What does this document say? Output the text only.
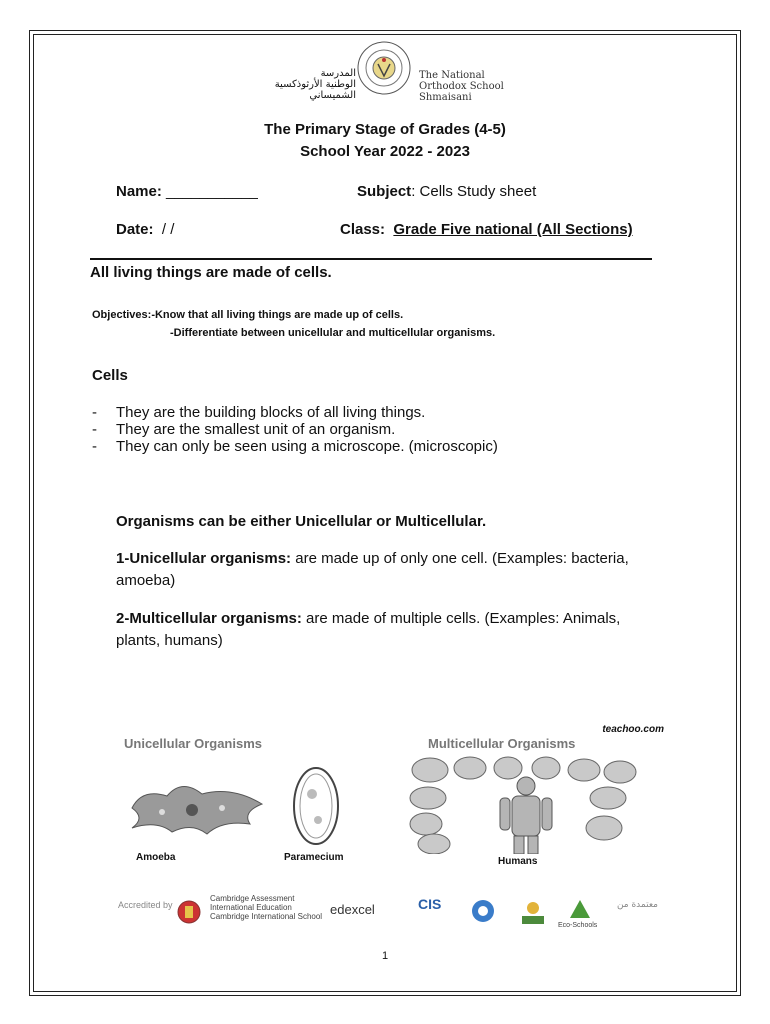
المدرسة
الوطنية الأرثوذكسية
الشميساني
The National
Orthodox School
Shmaisani
The Primary Stage of Grades (4-5)
School Year 2022 - 2023
Name: ___________	Subject: Cells Study sheet
Date: / /	Class: Grade Five national (All Sections)
All living things are made of cells.
Objectives:-Know that all living things are made up of cells.
-Differentiate between unicellular and multicellular organisms.
Cells
- They are the building blocks of all living things.
- They are the smallest unit of an organism.
- They can only be seen using a microscope. (microscopic)
Organisms can be either Unicellular or Multicellular.
1-Unicellular organisms: are made up of only one cell. (Examples: bacteria, amoeba)
2-Multicellular organisms: are made of multiple cells. (Examples: Animals, plants, humans)
teachoo.com
Unicellular Organisms	Multicellular Organisms
Amoeba	Paramecium	Humans
Accredited by
Cambridge Assessment
International Education
Cambridge International School edexcel	CIS
Eco-Schools
معتمدة من
1
